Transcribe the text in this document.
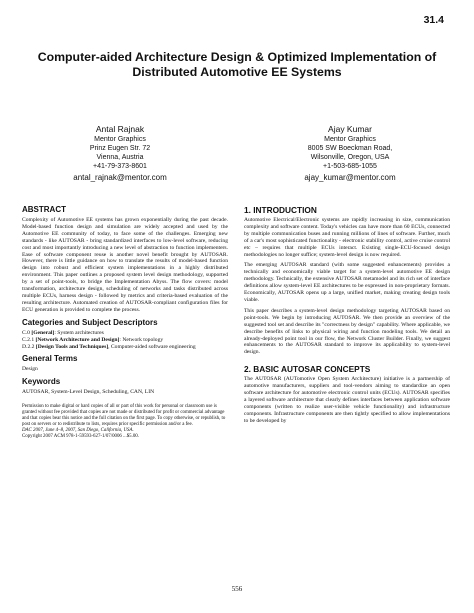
31.4
Computer-aided Architecture Design & Optimized Implementation of Distributed Automotive EE Systems
Antal Rajnak
Mentor Graphics
Prinz Eugen Str. 72
Vienna, Austria
+41-79-373-8601
antal_rajnak@mentor.com
Ajay Kumar
Mentor Graphics
8005 SW Boeckman Road,
Wilsonville, Oregon, USA
+1-503-685-1055
ajay_kumar@mentor.com
ABSTRACT

Complexity of Automotive EE systems has grown exponentially during the past decade. Model-based function design and simulation are widely accepted and used by the Automotive EE community of today, to face some of the challenges. Emerging new standards - like AUTOSAR - bring standardized interfaces to low-level software, reducing cost and most importantly introducing a new level of abstraction to function implementers. Ease of software component reuse is another novel benefit brought by AUTOSAR. However, there is little guidance on how to translate the results of model-based function design into robust and efficient system implementations in a highly distributed environment. This paper outlines a proposed system level design methodology, supported by a set of point-tools, to bridge the Implementation Abyss. The flow covers: model transformation, architecture design, scheduling of networks and tasks distributed across multiple ECUs, harness design - followed by metrics and criteria-based evaluation of the resulting architecture. Automated creation of AUTOSAR-compliant configuration files for ECU generation is provided to complete the process.

Categories and Subject Descriptors

C.0 [General]: System architectures

C.2.1 [Network Architecture and Design]: Network topology

D.2.2 [Design Tools and Techniques], Computer-aided software engineering

General Terms

Design

Keywords

AUTOSAR, System-Level Design, Scheduling, CAN, LIN

Permission to make digital or hard copies of all or part of this work for personal or classroom use is granted without fee provided that copies are not made or distributed for profit or commercial advantage and that copies bear this notice and the full citation on the first page. To copy otherwise, or republish, to post on servers or to redistribute to lists, requires prior specific permission and/or a fee.

DAC 2007, June 4–8, 2007, San Diego, California, USA.

Copyright 2007 ACM 978-1-59593-627-1/07/0006 ...$5.00.

1. INTRODUCTION

Automotive Electrical/Electronic systems are rapidly increasing in size, communication complexity and software content. Today's vehicles can have more than 60 ECUs, connected by multiple communication buses and running millions of lines of software. Further, much of a car's most sophisticated functionality - electronic stability control, active cruise control etc – requires that multiple ECUs interact. Existing single-ECU-focused design methodologies no longer suffice; system-level design is now required.

The emerging AUTOSAR standard (with some suggested enhancements) provides a technically and economically viable target for a system-level automotive EE design methodology. Technically, the extensive AUTOSAR metamodel and its rich set of interface definitions allow system-level EE architectures to be expressed in non-proprietary formats. Economically, AUTOSAR opens up a large, unified market, making creating design tools viable.

This paper describes a system-level design methodology targeting AUTOSAR based on point-tools. We begin by introducing AUTOSAR. We then provide an overview of the suggested tool set and describe its "correctness by design" capability. Where applicable, we describe benefits of links to physical wiring and function modeling tools. We detail an already-deployed point tool in our flow, the Network Cluster Builder. Finally, we suggest enhancements to the AUTOSAR standard to improve its applicability to system-level design.

2. BASIC AUTOSAR CONCEPTS

The AUTOSAR (AUTomotive Open System Architecture) initiative is a partnership of automotive manufacturers, suppliers and tool-vendors aiming to standardize an open software architecture for automotive electronic control units (ECUs). AUTOSAR specifies a layered software architecture that clearly defines interfaces between application software components (written to realize user-visible vehicle functionality) and infrastructure components. Infrastructure components are then tightly specified to allow implementations to be developed by

556
